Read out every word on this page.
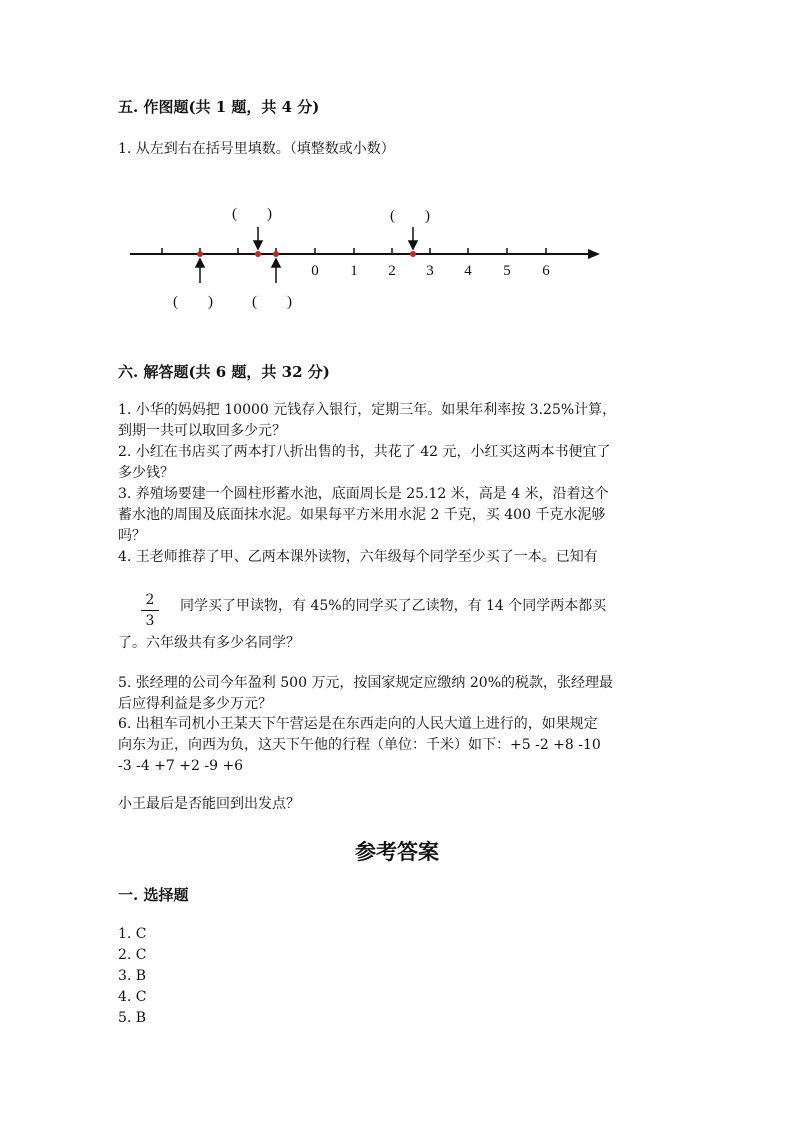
五. 作图题(共 1 题，共 4 分)
1. 从左到右在括号里填数。（填整数或小数）
0 1 2 3 4 5 6
(　　)	(　　)
(　　)	(　　)
六. 解答题(共 6 题，共 32 分)
1. 小华的妈妈把 10000 元钱存入银行，定期三年。如果年利率按 3.25%计算，
到期一共可以取回多少元？
2. 小红在书店买了两本打八折出售的书，共花了 42 元，小红买这两本书便宜了
多少钱？
3. 养殖场要建一个圆柱形蓄水池，底面周长是 25.12 米，高是 4 米，沿着这个
蓄水池的周围及底面抹水泥。如果每平方米用水泥 2 千克，买 400 千克水泥够
吗？
4. 王老师推荐了甲、乙两本课外读物，六年级每个同学至少买了一本。已知有
2
3
同学买了甲读物，有 45%的同学买了乙读物，有 14 个同学两本都买
了。六年级共有多少名同学？
5. 张经理的公司今年盈利 500 万元，按国家规定应缴纳 20%的税款，张经理最
后应得利益是多少万元？
6. 出租车司机小王某天下午营运是在东西走向的人民大道上进行的，如果规定
向东为正，向西为负，这天下午他的行程（单位：千米）如下：+5 -2 +8 -10
-3 -4 +7 +2 -9 +6
小王最后是否能回到出发点？
参考答案
一. 选择题
1. C
2. C
3. B
4. C
5. B
